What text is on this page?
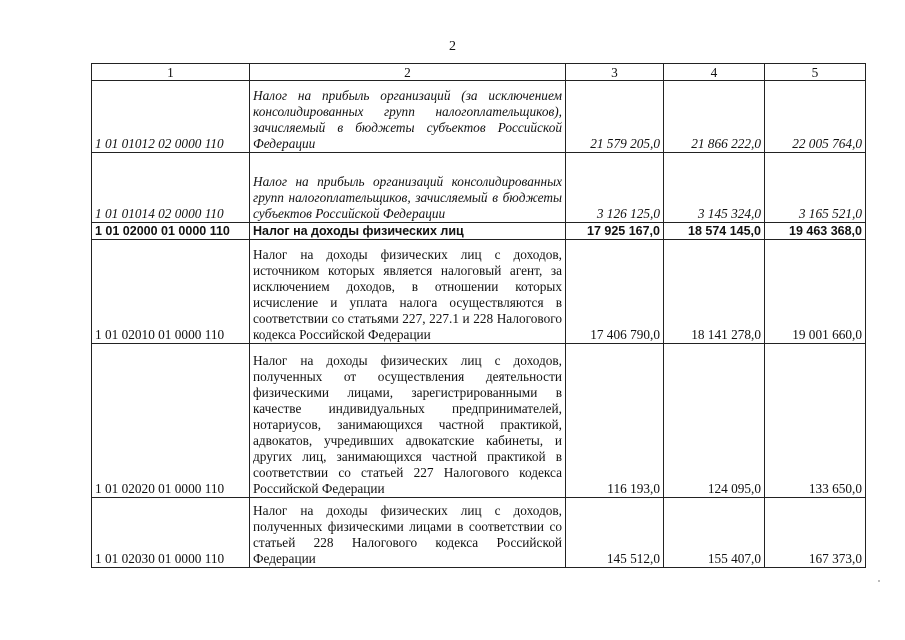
2
1	2	3	4	5
1 01 01012 02 0000 110	Налог на прибыль организаций (за исключением консолидированных групп налогоплательщиков), зачисляемый в бюджеты субъектов Российской Федерации	21 579 205,0	21 866 222,0	22 005 764,0
1 01 01014 02 0000 110	Налог на прибыль организаций консолидированных групп налогоплательщиков, зачисляемый в бюджеты субъектов Российской Федерации	3 126 125,0	3 145 324,0	3 165 521,0
1 01 02000 01 0000 110	Налог на доходы физических лиц	17 925 167,0	18 574 145,0	19 463 368,0
1 01 02010 01 0000 110	Налог на доходы физических лиц с доходов, источником которых является налоговый агент, за исключением доходов, в отношении которых исчисление и уплата налога осуществляются в соответствии со статьями 227, 227.1 и 228 Налогового кодекса Российской Федерации	17 406 790,0	18 141 278,0	19 001 660,0
1 01 02020 01 0000 110	Налог на доходы физических лиц с доходов, полученных от осуществления деятельности физическими лицами, зарегистрированными в качестве индивидуальных предпринимателей, нотариусов, занимающихся частной практикой, адвокатов, учредивших адвокатские кабинеты, и других лиц, занимающихся частной практикой в соответствии со статьей 227 Налогового кодекса Российской Федерации	116 193,0	124 095,0	133 650,0
1 01 02030 01 0000 110	Налог на доходы физических лиц с доходов, полученных физическими лицами в соответствии со статьей 228 Налогового кодекса Российской Федерации	145 512,0	155 407,0	167 373,0
